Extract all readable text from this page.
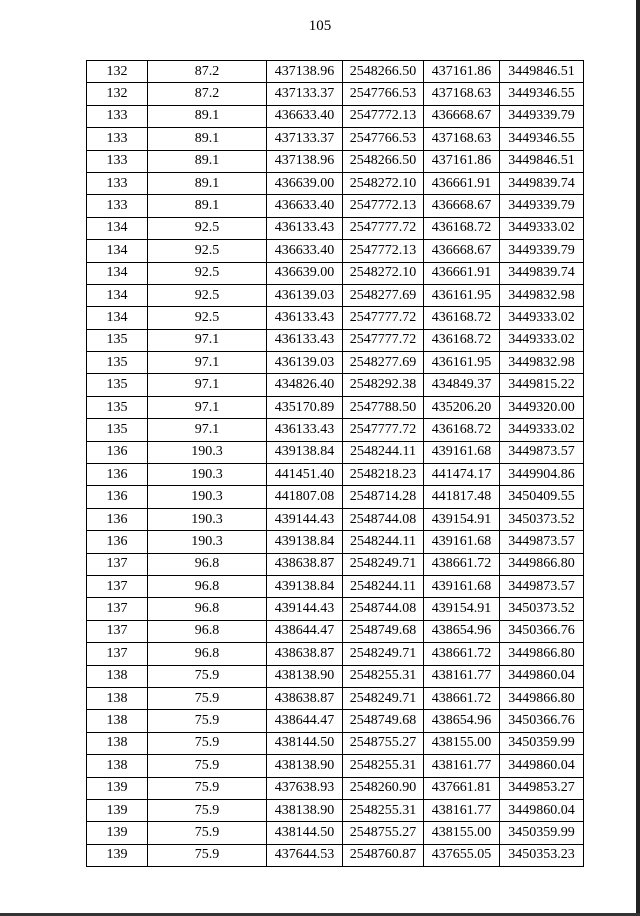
105
132	87.2	437138.96	2548266.50	437161.86	3449846.51
132	87.2	437133.37	2547766.53	437168.63	3449346.55
133	89.1	436633.40	2547772.13	436668.67	3449339.79
133	89.1	437133.37	2547766.53	437168.63	3449346.55
133	89.1	437138.96	2548266.50	437161.86	3449846.51
133	89.1	436639.00	2548272.10	436661.91	3449839.74
133	89.1	436633.40	2547772.13	436668.67	3449339.79
134	92.5	436133.43	2547777.72	436168.72	3449333.02
134	92.5	436633.40	2547772.13	436668.67	3449339.79
134	92.5	436639.00	2548272.10	436661.91	3449839.74
134	92.5	436139.03	2548277.69	436161.95	3449832.98
134	92.5	436133.43	2547777.72	436168.72	3449333.02
135	97.1	436133.43	2547777.72	436168.72	3449333.02
135	97.1	436139.03	2548277.69	436161.95	3449832.98
135	97.1	434826.40	2548292.38	434849.37	3449815.22
135	97.1	435170.89	2547788.50	435206.20	3449320.00
135	97.1	436133.43	2547777.72	436168.72	3449333.02
136	190.3	439138.84	2548244.11	439161.68	3449873.57
136	190.3	441451.40	2548218.23	441474.17	3449904.86
136	190.3	441807.08	2548714.28	441817.48	3450409.55
136	190.3	439144.43	2548744.08	439154.91	3450373.52
136	190.3	439138.84	2548244.11	439161.68	3449873.57
137	96.8	438638.87	2548249.71	438661.72	3449866.80
137	96.8	439138.84	2548244.11	439161.68	3449873.57
137	96.8	439144.43	2548744.08	439154.91	3450373.52
137	96.8	438644.47	2548749.68	438654.96	3450366.76
137	96.8	438638.87	2548249.71	438661.72	3449866.80
138	75.9	438138.90	2548255.31	438161.77	3449860.04
138	75.9	438638.87	2548249.71	438661.72	3449866.80
138	75.9	438644.47	2548749.68	438654.96	3450366.76
138	75.9	438144.50	2548755.27	438155.00	3450359.99
138	75.9	438138.90	2548255.31	438161.77	3449860.04
139	75.9	437638.93	2548260.90	437661.81	3449853.27
139	75.9	438138.90	2548255.31	438161.77	3449860.04
139	75.9	438144.50	2548755.27	438155.00	3450359.99
139	75.9	437644.53	2548760.87	437655.05	3450353.23
